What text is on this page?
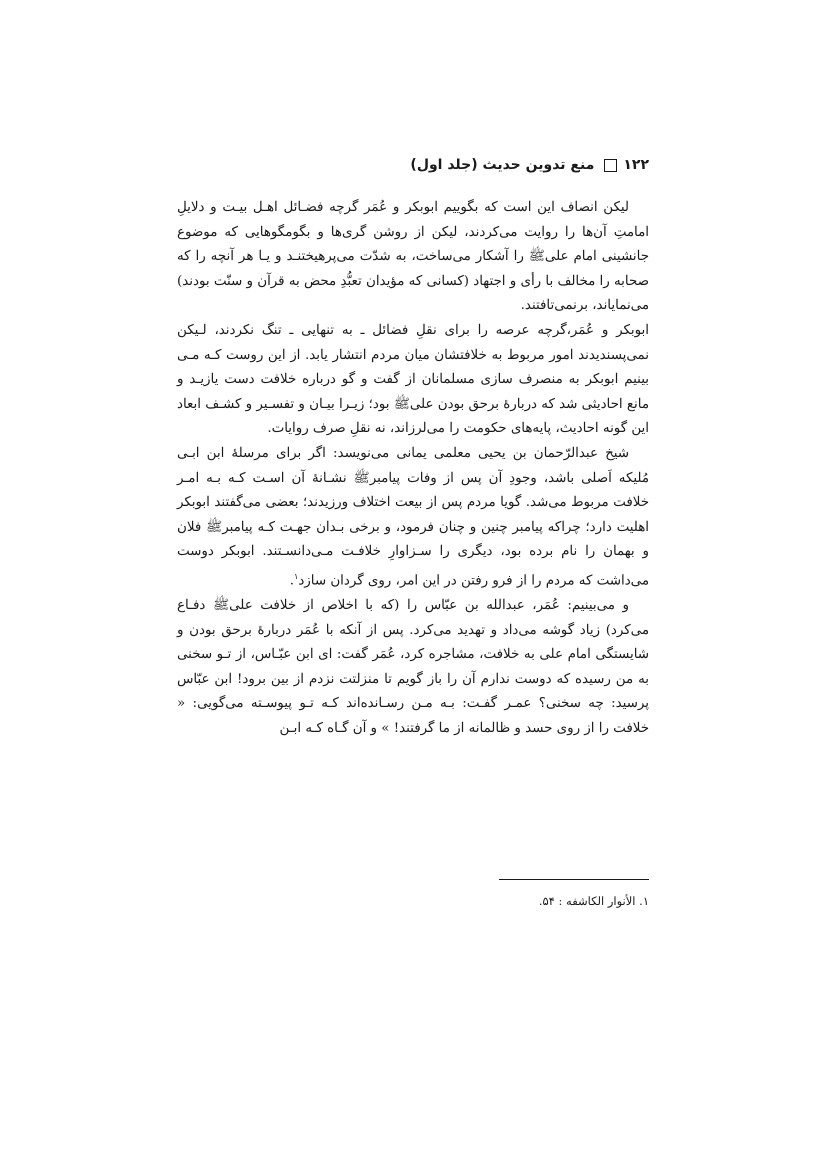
۱۲۲
منع تدوین حدیث (جلد اول)

لیکن انصاف این است که بگوییم ابوبکر و عُمَر گرچه فضـائل اهـل بیـت و دلایلِ امامتِ آن‌ها را روایت می‌کردند، لیکن از روشن گری‌ها و بگومگوهایی که موضوع جانشینی امام علی‌ﷺ را آشکار می‌ساخت، به شدّت می‌پرهیختنـد و یـا هر آنچه را که صحابه را مخالف با رأی و اجتهاد (کسانی که مؤیدان تعبُّدِ محض به قرآن و سنّت بودند) می‌نمایاند، برنمی‌تافتند.

ابوبکر و عُمَر،گرچه عرصه را برای نقلِ فضائل ـ به تنهایی ـ تنگ نکردند، لـیکن نمی‌پسندیدند امور مربوط به خلافتشان میان مردم انتشار یابد. از این روست کـه مـی بینیم ابوبکر به منصرف سازی مسلمانان از گفت و گو درباره خلافت دست یازیـد و مانع احادیثی شد که دربارهٔ برحق بودن علی‌ﷺ بود؛ زیـرا بیـان و تفسـیر و کشـف ابعاد این گونه احادیث، پایه‌های حکومت را می‌لرزاند، نه نقلِ صرف روایات.

شیخ عبدالرّحمان بن یحیی معلمی یمانی می‌نویسد: اگر برای مرسلهٔ ابن ابـی مُلیکه اَصلی باشد، وجودِ آن پس از وفات پیامبرﷺ نشـانهٔ آن اسـت کـه بـه امـر خلافت مربوط می‌شد. گویا مردم پس از بیعت اختلاف ورزیدند؛ بعضی می‌گفتند ابوبکر اهلیت دارد؛ چراکه پیامبر چنین و چنان فرمود، و برخی بـدان جهـت کـه پیامبرﷺ فلان و بهمان را نام برده بود، دیگری را سـزاوارِ خلافـت مـی‌دانسـتند. ابوبکر دوست می‌داشت که مردم را از فرو رفتن در این امر، روی گردان سازد$^۱$.

و می‌بینیم: عُمَر، عبدالله بن عبّاس را (که با اخلاص از خلافت علی‌ﷺ دفـاع می‌کرد) زیاد گوشه می‌داد و تهدید می‌کرد. پس از آنکه با عُمَر دربارهٔ برحق بودن و شایستگی امام علی به خلافت، مشاجره کرد، عُمَر گفت: ای ابن عبّـاس، از تـو سخنی به من رسیده که دوست ندارم آن را باز گویم تا منزلتت نزدم از بین برود! ابن عبّاس پرسید: چه سخنی؟ عمـر گفـت: بـه مـن رسـانده‌اند کـه تـو پیوسـته می‌گویی: « خلافت را از روی حسد و ظالمانه از ما گرفتند! » و آن گـاه کـه ابـن

۱. الأنوار الکاشفه : ۵۴.
